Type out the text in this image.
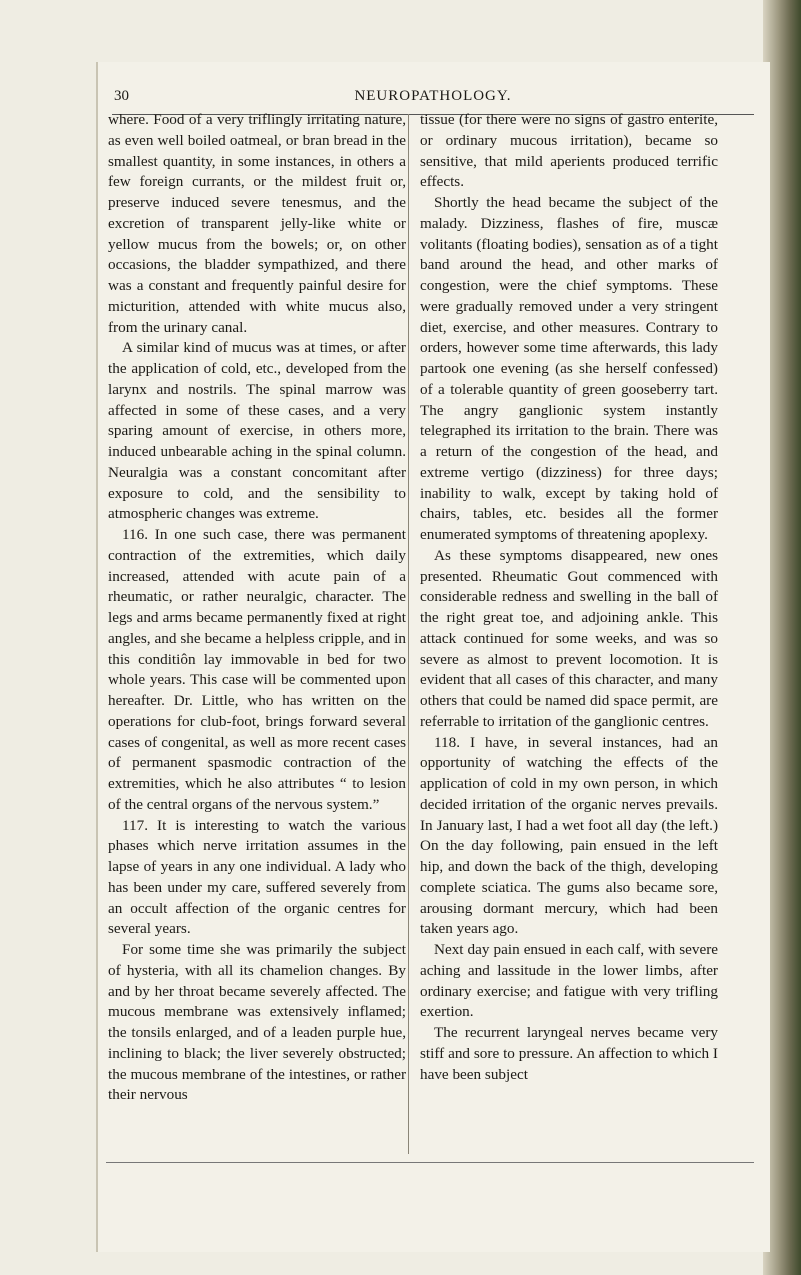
30	NEUROPATHOLOGY.

where. Food of a very triflingly irritating nature, as even well boiled oatmeal, or bran bread in the smallest quantity, in some instances, in others a few foreign currants, or the mildest fruit or, preserve induced severe tenesmus, and the excretion of transparent jelly-like white or yellow mucus from the bowels; or, on other occasions, the bladder sympathized, and there was a constant and frequently painful desire for micturition, attended with white mucus also, from the urinary canal.

A similar kind of mucus was at times, or after the application of cold, etc., developed from the larynx and nostrils. The spinal marrow was affected in some of these cases, and a very sparing amount of exercise, in others more, induced unbearable aching in the spinal column. Neuralgia was a constant concomitant after exposure to cold, and the sensibility to atmospheric changes was extreme.

116. In one such case, there was permanent contraction of the extremities, which daily increased, attended with acute pain of a rheumatic, or rather neuralgic, character. The legs and arms became permanently fixed at right angles, and she became a helpless cripple, and in this conditiôn lay immovable in bed for two whole years. This case will be commented upon hereafter. Dr. Little, who has written on the operations for club-foot, brings forward several cases of congenital, as well as more recent cases of permanent spasmodic contraction of the extremities, which he also attributes “ to lesion of the central organs of the nervous system.”

117. It is interesting to watch the various phases which nerve irritation assumes in the lapse of years in any one individual. A lady who has been under my care, suffered severely from an occult affection of the organic centres for several years.

For some time she was primarily the subject of hysteria, with all its chamelion changes. By and by her throat became severely affected. The mucous membrane was extensively inflamed; the tonsils enlarged, and of a leaden purple hue, inclining to black; the liver severely obstructed; the mucous membrane of the intestines, or rather their nervous

tissue (for there were no signs of gastro enterite, or ordinary mucous irritation), became so sensitive, that mild aperients produced terrific effects.

Shortly the head became the subject of the malady. Dizziness, flashes of fire, muscæ volitants (floating bodies), sensation as of a tight band around the head, and other marks of congestion, were the chief symptoms. These were gradually removed under a very stringent diet, exercise, and other measures. Contrary to orders, however some time afterwards, this lady partook one evening (as she herself confessed) of a tolerable quantity of green gooseberry tart. The angry ganglionic system instantly telegraphed its irritation to the brain. There was a return of the congestion of the head, and extreme vertigo (dizziness) for three days; inability to walk, except by taking hold of chairs, tables, etc. besides all the former enumerated symptoms of threatening apoplexy.

As these symptoms disappeared, new ones presented. Rheumatic Gout commenced with considerable redness and swelling in the ball of the right great toe, and adjoining ankle. This attack continued for some weeks, and was so severe as almost to prevent locomotion. It is evident that all cases of this character, and many others that could be named did space permit, are referrable to irritation of the ganglionic centres.

118. I have, in several instances, had an opportunity of watching the effects of the application of cold in my own person, in which decided irritation of the organic nerves prevails. In January last, I had a wet foot all day (the left.) On the day following, pain ensued in the left hip, and down the back of the thigh, developing complete sciatica. The gums also became sore, arousing dormant mercury, which had been taken years ago.

Next day pain ensued in each calf, with severe aching and lassitude in the lower limbs, after ordinary exercise; and fatigue with very trifling exertion.

The recurrent laryngeal nerves became very stiff and sore to pressure. An affection to which I have been subject
